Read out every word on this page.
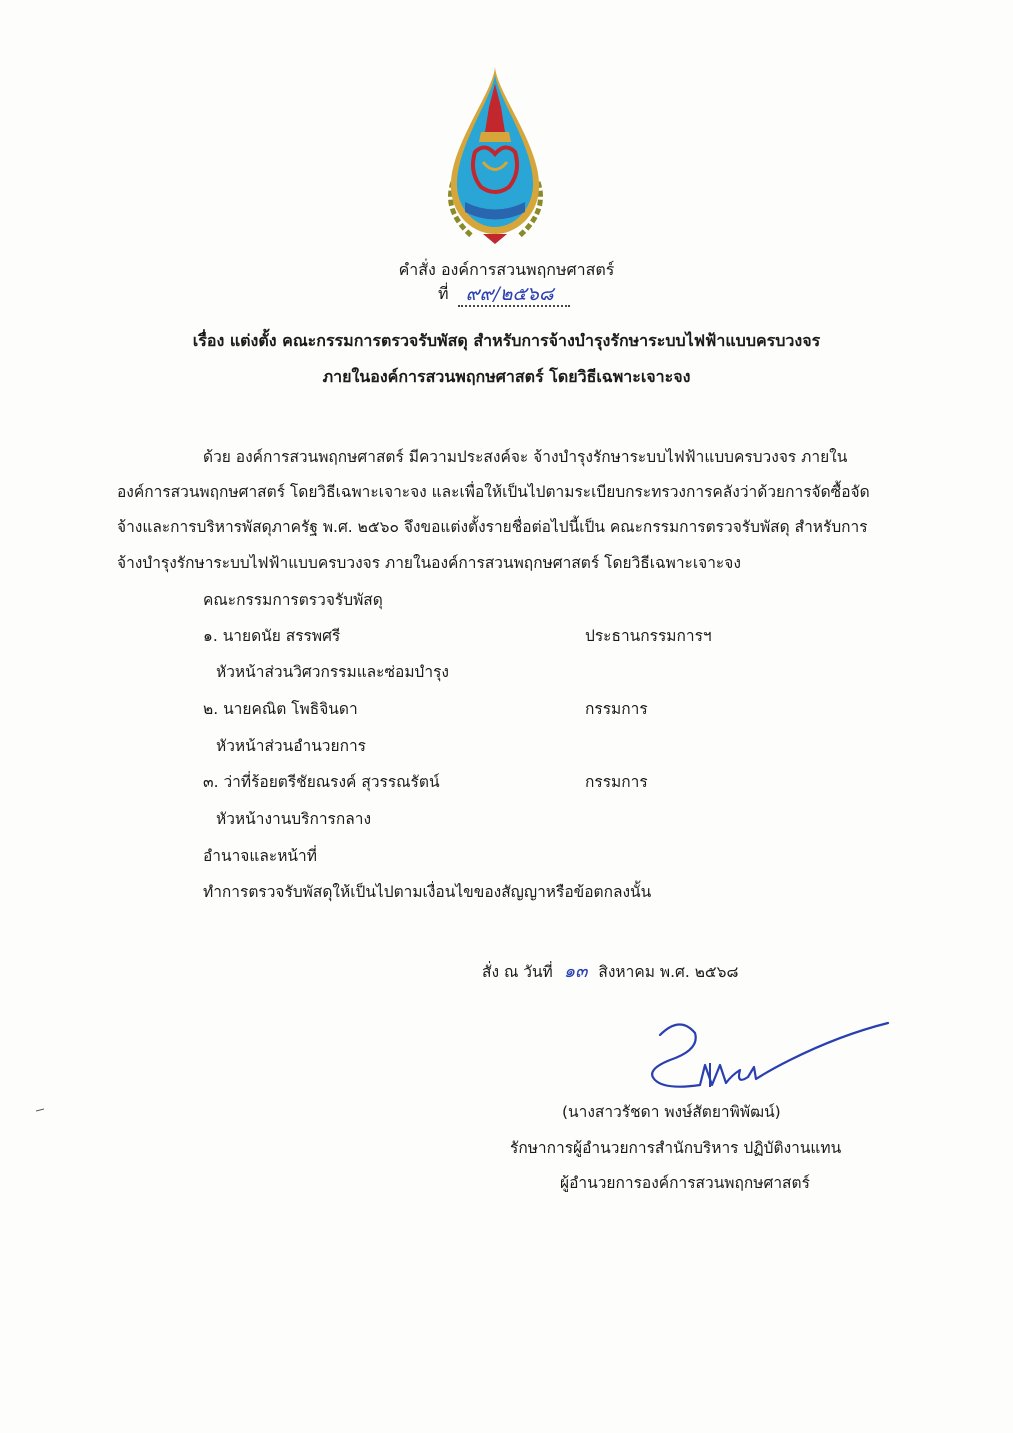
คำสั่ง องค์การสวนพฤกษศาสตร์
ที่ ๙๙/๒๕๖๘
เรื่อง แต่งตั้ง คณะกรรมการตรวจรับพัสดุ สำหรับการจ้างบำรุงรักษาระบบไฟฟ้าแบบครบวงจร
ภายในองค์การสวนพฤกษศาสตร์ โดยวิธีเฉพาะเจาะจง
ด้วย องค์การสวนพฤกษศาสตร์ มีความประสงค์จะ จ้างบำรุงรักษาระบบไฟฟ้าแบบครบวงจร ภายใน
องค์การสวนพฤกษศาสตร์ โดยวิธีเฉพาะเจาะจง และเพื่อให้เป็นไปตามระเบียบกระทรวงการคลังว่าด้วยการจัดซื้อจัด
จ้างและการบริหารพัสดุภาครัฐ พ.ศ. ๒๕๖๐ จึงขอแต่งตั้งรายชื่อต่อไปนี้เป็น คณะกรรมการตรวจรับพัสดุ สำหรับการ
จ้างบำรุงรักษาระบบไฟฟ้าแบบครบวงจร ภายในองค์การสวนพฤกษศาสตร์ โดยวิธีเฉพาะเจาะจง
คณะกรรมการตรวจรับพัสดุ
๑. นายดนัย สรรพศรี	ประธานกรรมการฯ
หัวหน้าส่วนวิศวกรรมและซ่อมบำรุง
๒. นายคณิต โพธิจินดา	กรรมการ
หัวหน้าส่วนอำนวยการ
๓. ว่าที่ร้อยตรีชัยณรงค์ สุวรรณรัตน์	กรรมการ
หัวหน้างานบริการกลาง
อำนาจและหน้าที่
ทำการตรวจรับพัสดุให้เป็นไปตามเงื่อนไขของสัญญาหรือข้อตกลงนั้น
สั่ง ณ วันที่ ๑๓ สิงหาคม พ.ศ. ๒๕๖๘
(นางสาวรัชดา พงษ์สัตยาพิพัฒน์)
รักษาการผู้อำนวยการสำนักบริหาร ปฏิบัติงานแทน
ผู้อำนวยการองค์การสวนพฤกษศาสตร์
